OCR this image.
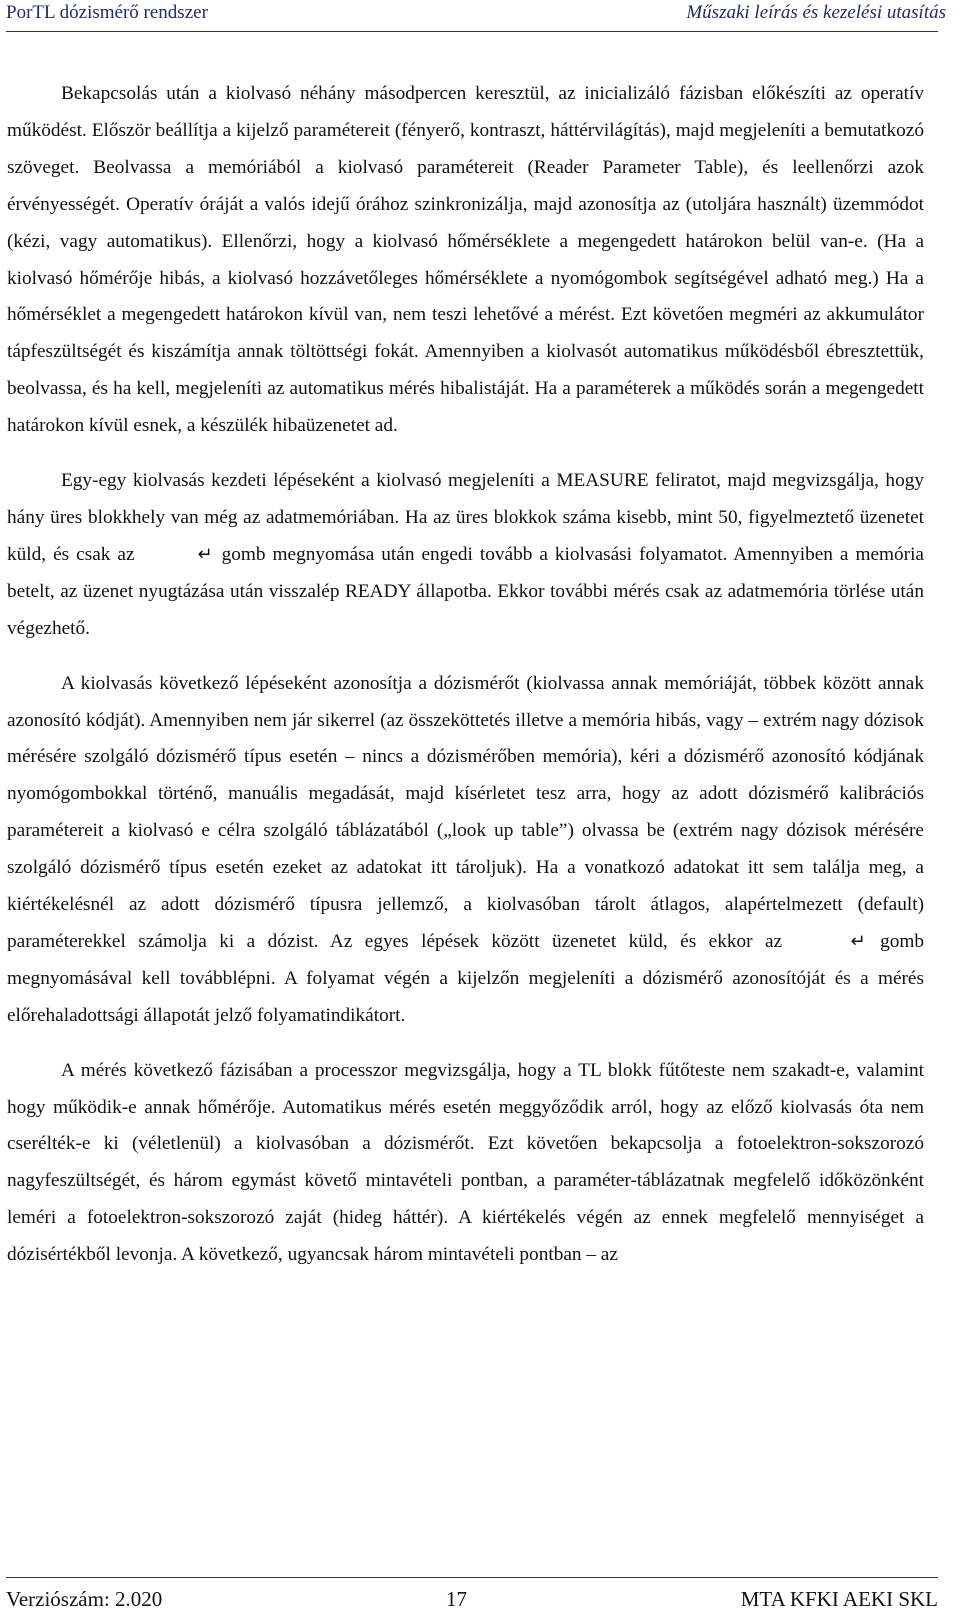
PorTL dózismérő rendszer	Műszaki leírás és kezelési utasítás

Bekapcsolás után a kiolvasó néhány másodpercen keresztül, az inicializáló fázisban előkészíti az operatív működést. Először beállítja a kijelző paramétereit (fényerő, kontraszt, háttérvilágítás), majd megjeleníti a bemutatkozó szöveget. Beolvassa a memóriából a kiolvasó paramétereit (Reader Parameter Table), és leellenőrzi azok érvényességét. Operatív óráját a valós idejű órához szinkronizálja, majd azonosítja az (utoljára használt) üzemmódot (kézi, vagy automatikus). Ellenőrzi, hogy a kiolvasó hőmérséklete a megengedett határokon belül van-e. (Ha a kiolvasó hőmérője hibás, a kiolvasó hozzávetőleges hőmérséklete a nyomógombok segítségével adható meg.) Ha a hőmérséklet a megengedett határokon kívül van, nem teszi lehetővé a mérést. Ezt követően megméri az akkumulátor tápfeszültségét és kiszámítja annak töltöttségi fokát. Amennyiben a kiolvasót automatikus működésből ébresztettük, beolvassa, és ha kell, megjeleníti az automatikus mérés hibalistáját. Ha a paraméterek a működés során a megengedett határokon kívül esnek, a készülék hibaüzenetet ad.

Egy-egy kiolvasás kezdeti lépéseként a kiolvasó megjeleníti a MEASURE feliratot, majd megvizsgálja, hogy hány üres blokkhely van még az adatmemóriában. Ha az üres blokkok száma kisebb, mint 50, figyelmeztető üzenetet küld, és csak az	↵ gomb megnyomása után engedi tovább a kiolvasási folyamatot. Amennyiben a memória betelt, az üzenet nyugtázása után visszalép READY állapotba. Ekkor további mérés csak az adatmemória törlése után végezhető.

A kiolvasás következő lépéseként azonosítja a dózismérőt (kiolvassa annak memóriáját, többek között annak azonosító kódját). Amennyiben nem jár sikerrel (az összeköttetés illetve a memória hibás, vagy – extrém nagy dózisok mérésére szolgáló dózismérő típus esetén – nincs a dózismérőben memória), kéri a dózismérő azonosító kódjának nyomógombokkal történő, manuális megadását, majd kísérletet tesz arra, hogy az adott dózismérő kalibrációs paramétereit a kiolvasó e célra szolgáló táblázatából („look up table”) olvassa be (extrém nagy dózisok mérésére szolgáló dózismérő típus esetén ezeket az adatokat itt tároljuk). Ha a vonatkozó adatokat itt sem találja meg, a kiértékelésnél az adott dózismérő típusra jellemző, a kiolvasóban tárolt átlagos, alapértelmezett (default) paraméterekkel számolja ki a dózist. Az egyes lépések között üzenetet küld, és ekkor az	↵ gomb megnyomásával kell továbblépni. A folyamat végén a kijelzőn megjeleníti a dózismérő azonosítóját és a mérés előrehaladottsági állapotát jelző folyamatindikátort.

A mérés következő fázisában a processzor megvizsgálja, hogy a TL blokk fűtőteste nem szakadt-e, valamint hogy működik-e annak hőmérője. Automatikus mérés esetén meggyőződik arról, hogy az előző kiolvasás óta nem cserélték-e ki (véletlenül) a kiolvasóban a dózismérőt. Ezt követően bekapcsolja a fotoelektron-sokszorozó nagyfeszültségét, és három egymást követő mintavételi pontban, a paraméter-táblázatnak megfelelő időközönként leméri a fotoelektron-sokszorozó zaját (hideg háttér). A kiértékelés végén az ennek megfelelő mennyiséget a dózisértékből levonja. A következő, ugyancsak három mintavételi pontban – az

Verziószám: 2.020	17	MTA KFKI AEKI SKL
